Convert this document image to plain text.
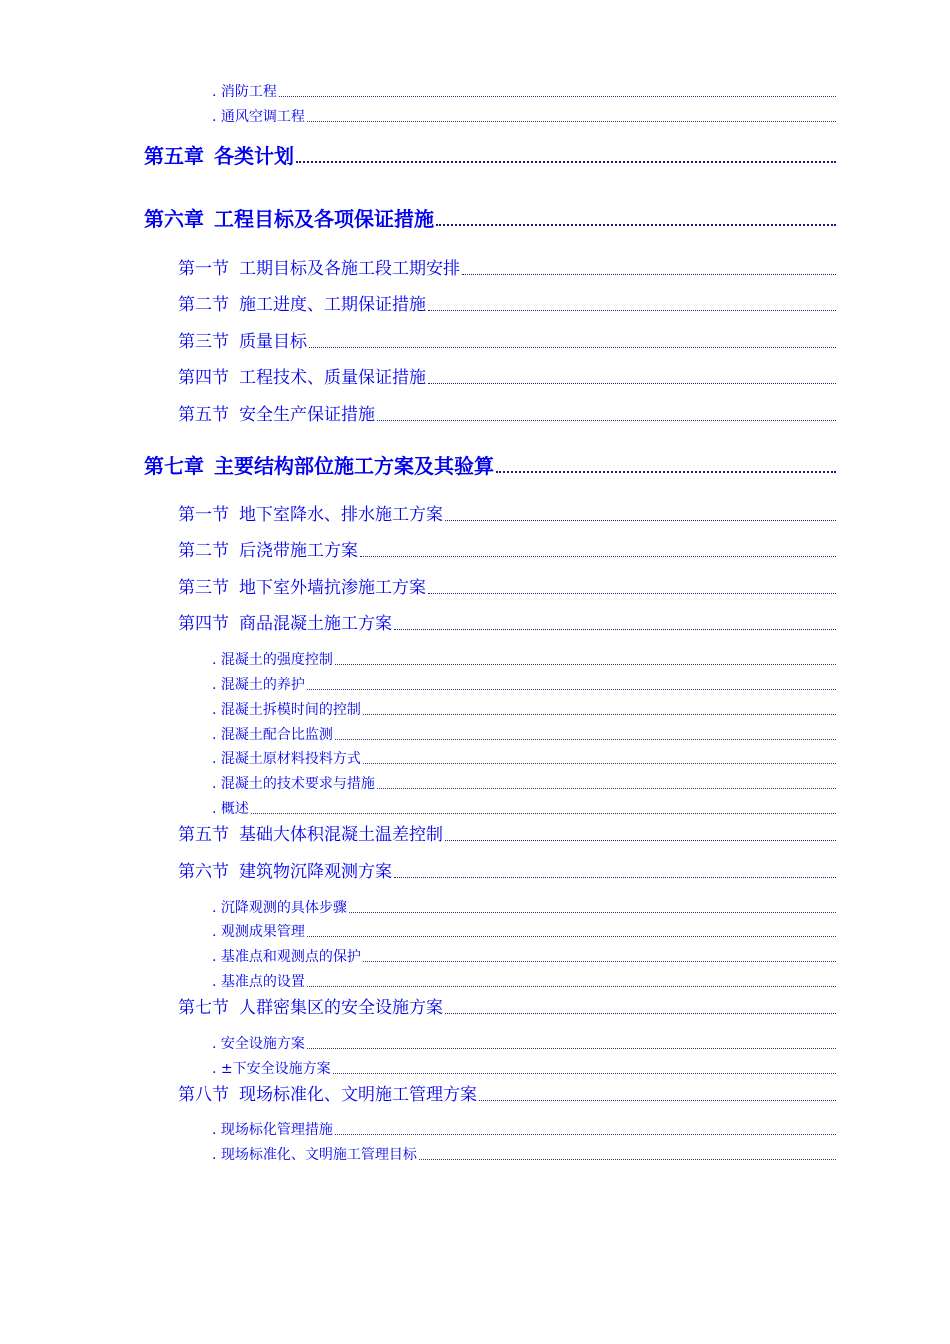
. 消防工程
. 通风空调工程
第五章 各类计划
第六章 工程目标及各项保证措施
第一节 工期目标及各施工段工期安排
第二节 施工进度、工期保证措施
第三节 质量目标
第四节 工程技术、质量保证措施
第五节 安全生产保证措施
第七章 主要结构部位施工方案及其验算
第一节 地下室降水、排水施工方案
第二节 后浇带施工方案
第三节 地下室外墙抗渗施工方案
第四节 商品混凝土施工方案
. 混凝土的强度控制
. 混凝土的养护
. 混凝土拆模时间的控制
. 混凝土配合比监测
. 混凝土原材料投料方式
. 混凝土的技术要求与措施
. 概述
第五节 基础大体积混凝土温差控制
第六节 建筑物沉降观测方案
. 沉降观测的具体步骤
. 观测成果管理
. 基准点和观测点的保护
. 基准点的设置
第七节 人群密集区的安全设施方案
. 安全设施方案
. ±下安全设施方案
第八节 现场标准化、文明施工管理方案
. 现场标化管理措施
. 现场标准化、文明施工管理目标
